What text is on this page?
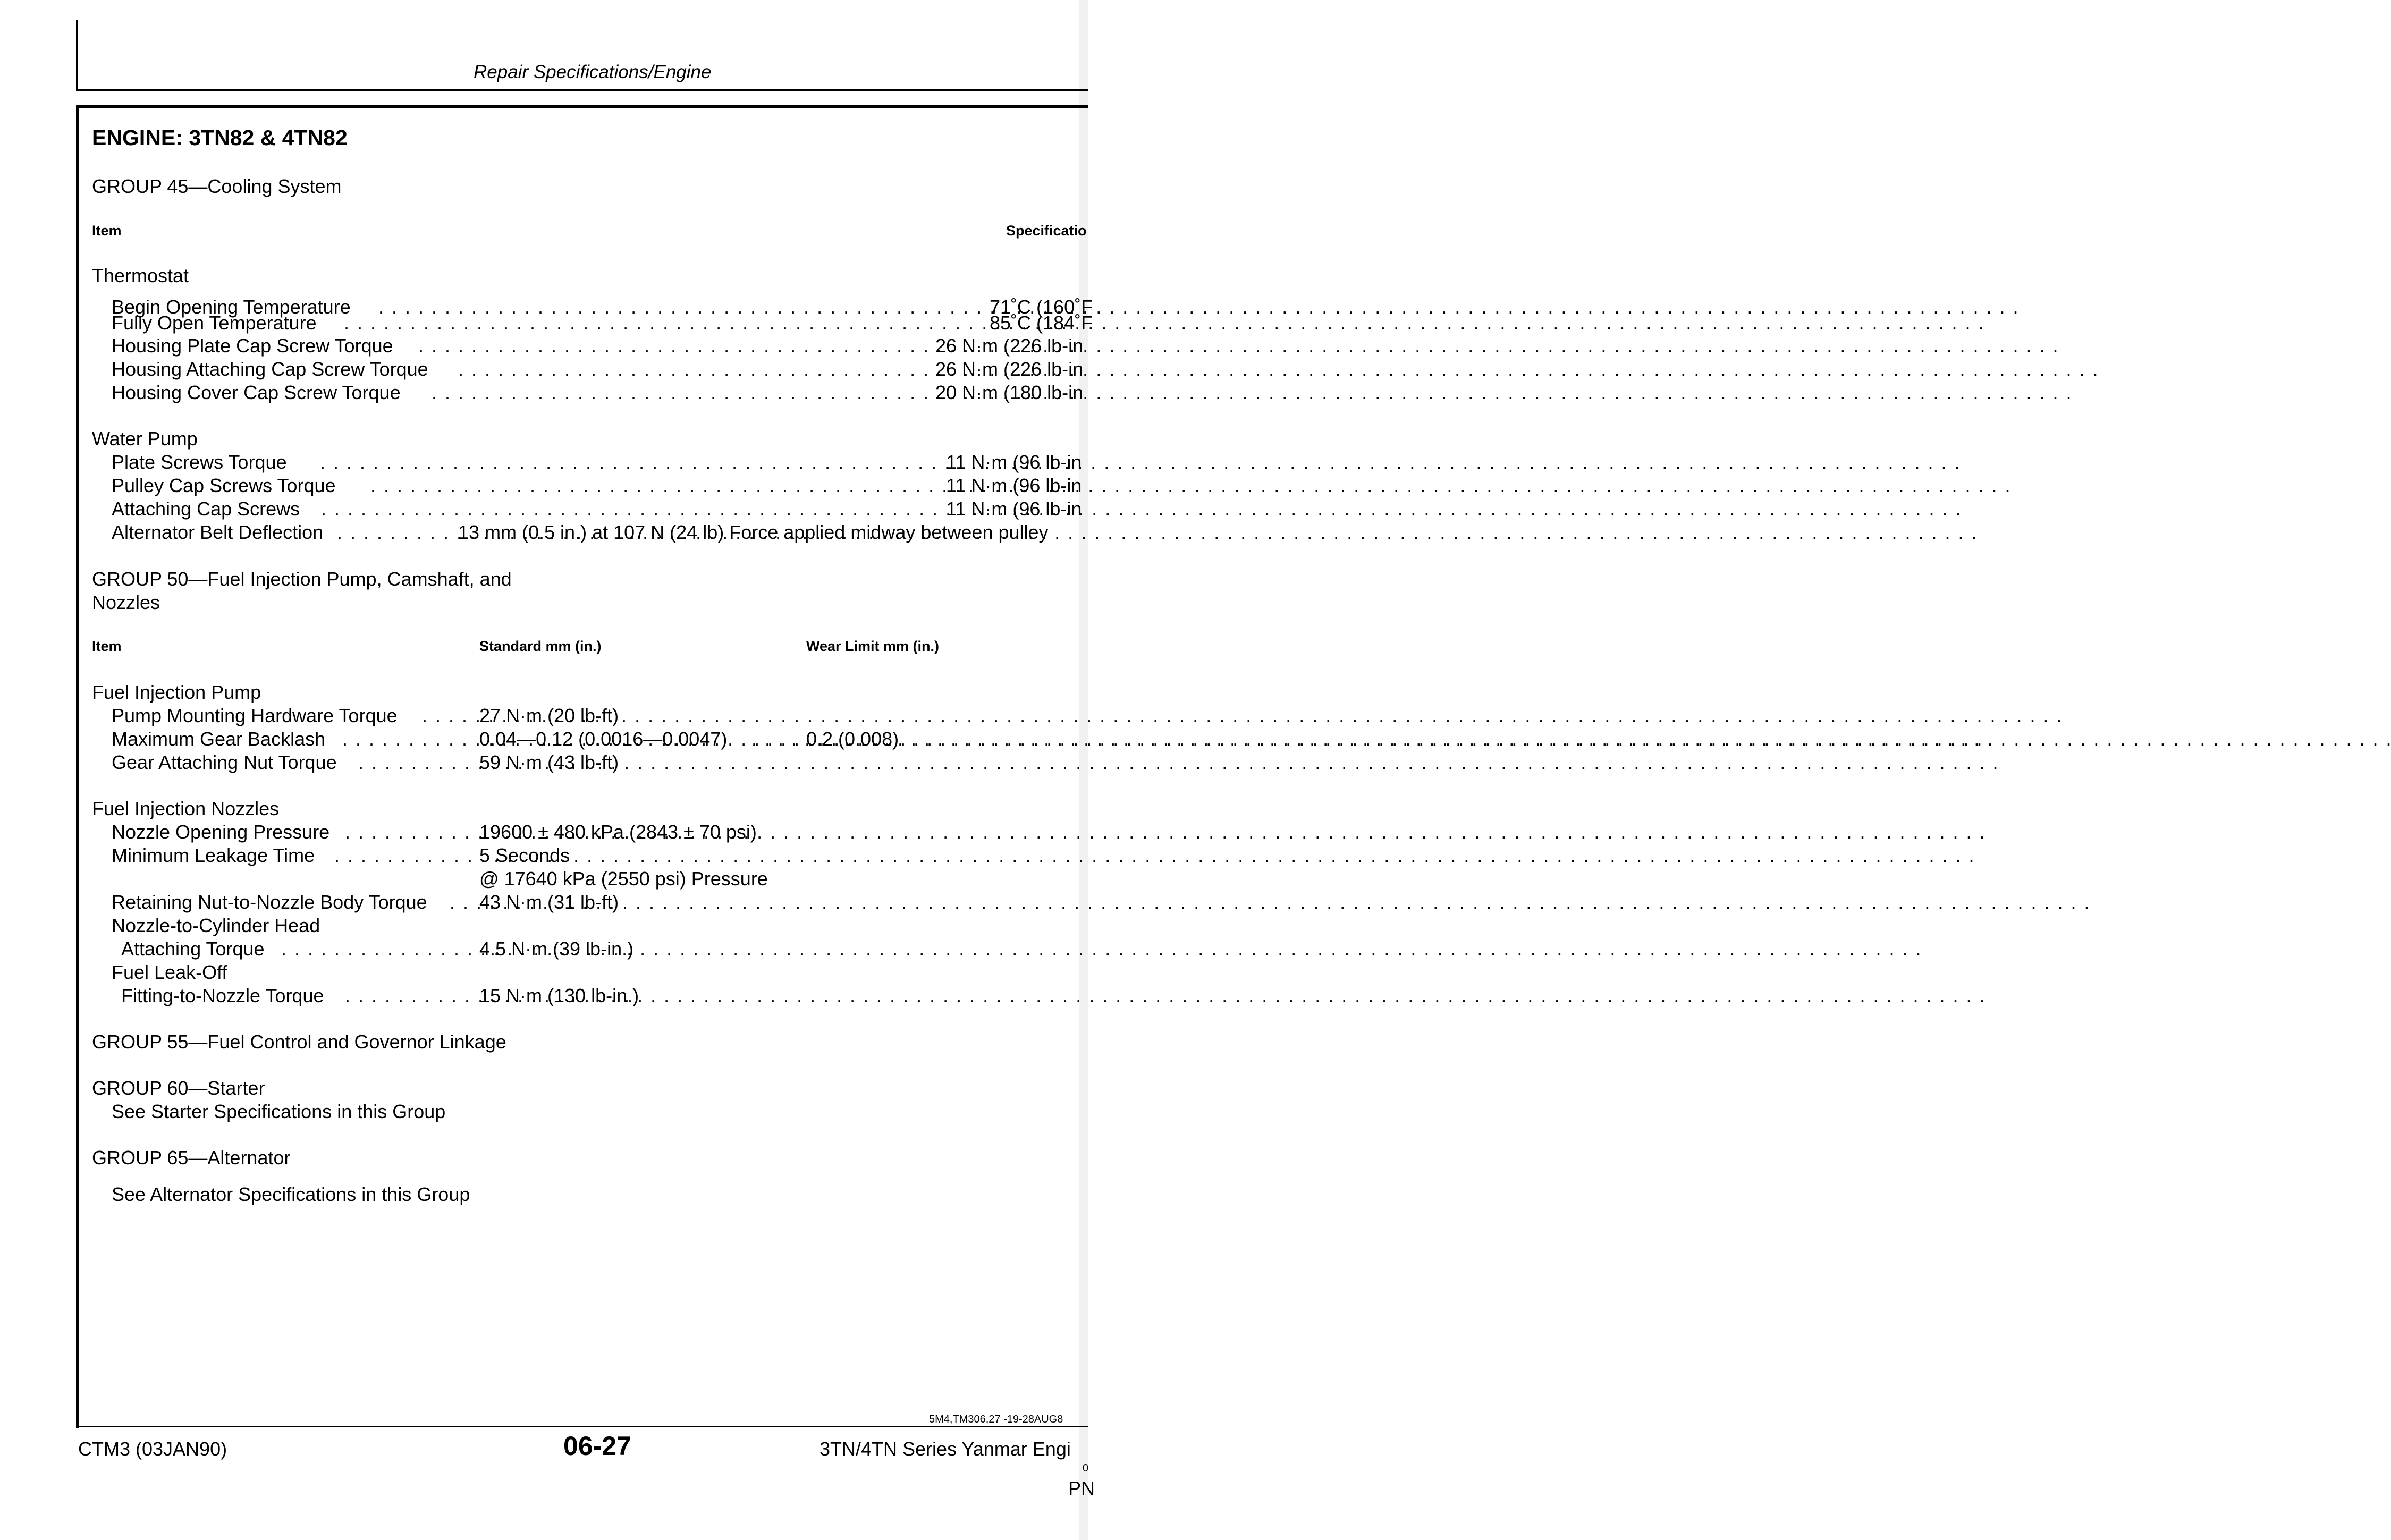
Repair Specifications/Engine
ENGINE: 3TN82 & 4TN82
GROUP 45—Cooling System
Item	Specificatio
Thermostat
Begin Opening Temperature . . .	71˚C (160˚F
Fully Open Temperature . . .	85˚C (184˚F
Housing Plate Cap Screw Torque . . .	26 N·m (226 lb-in
Housing Attaching Cap Screw Torque . . .	26 N·m (226 lb-in
Housing Cover Cap Screw Torque . . .	20 N·m (180 lb-in
Water Pump
Plate Screws Torque . . .	11 N·m (96 lb-in
Pulley Cap Screws Torque . . .	11 N·m (96 lb-in
Attaching Cap Screws . . .	11 N·m (96 lb-in
Alternator Belt Deflection . . .	13 mm (0.5 in.) at 107 N (24 lb) Force applied midway between pulley
GROUP 50—Fuel Injection Pump, Camshaft, and
Nozzles
Item	Standard mm (in.)	Wear Limit mm (in.)
Fuel Injection Pump
Pump Mounting Hardware Torque . . .	27 N·m (20 lb-ft)
Maximum Gear Backlash . . .	0.04—0.12 (0.0016—0.0047) . . .	0.2 (0.008)
Gear Attaching Nut Torque . . .	59 N·m (43 lb-ft)
Fuel Injection Nozzles
Nozzle Opening Pressure . . .	19600 ± 480 kPa (2843 ± 70 psi)
Minimum Leakage Time . . .	5 Seconds
@ 17640 kPa (2550 psi) Pressure
Retaining Nut-to-Nozzle Body Torque . . .	43 N·m (31 lb-ft)
Nozzle-to-Cylinder Head
Attaching Torque . . .	4.5 N·m (39 lb-in.)
Fuel Leak-Off
Fitting-to-Nozzle Torque . . .	15 N·m (130 lb-in.)
GROUP 55—Fuel Control and Governor Linkage
GROUP 60—Starter
See Starter Specifications in this Group
GROUP 65—Alternator
See Alternator Specifications in this Group
5M4,TM306,27 -19-28AUG8
CTM3 (03JAN90)	06-27	3TN/4TN Series Yanmar Engi
0
PN
